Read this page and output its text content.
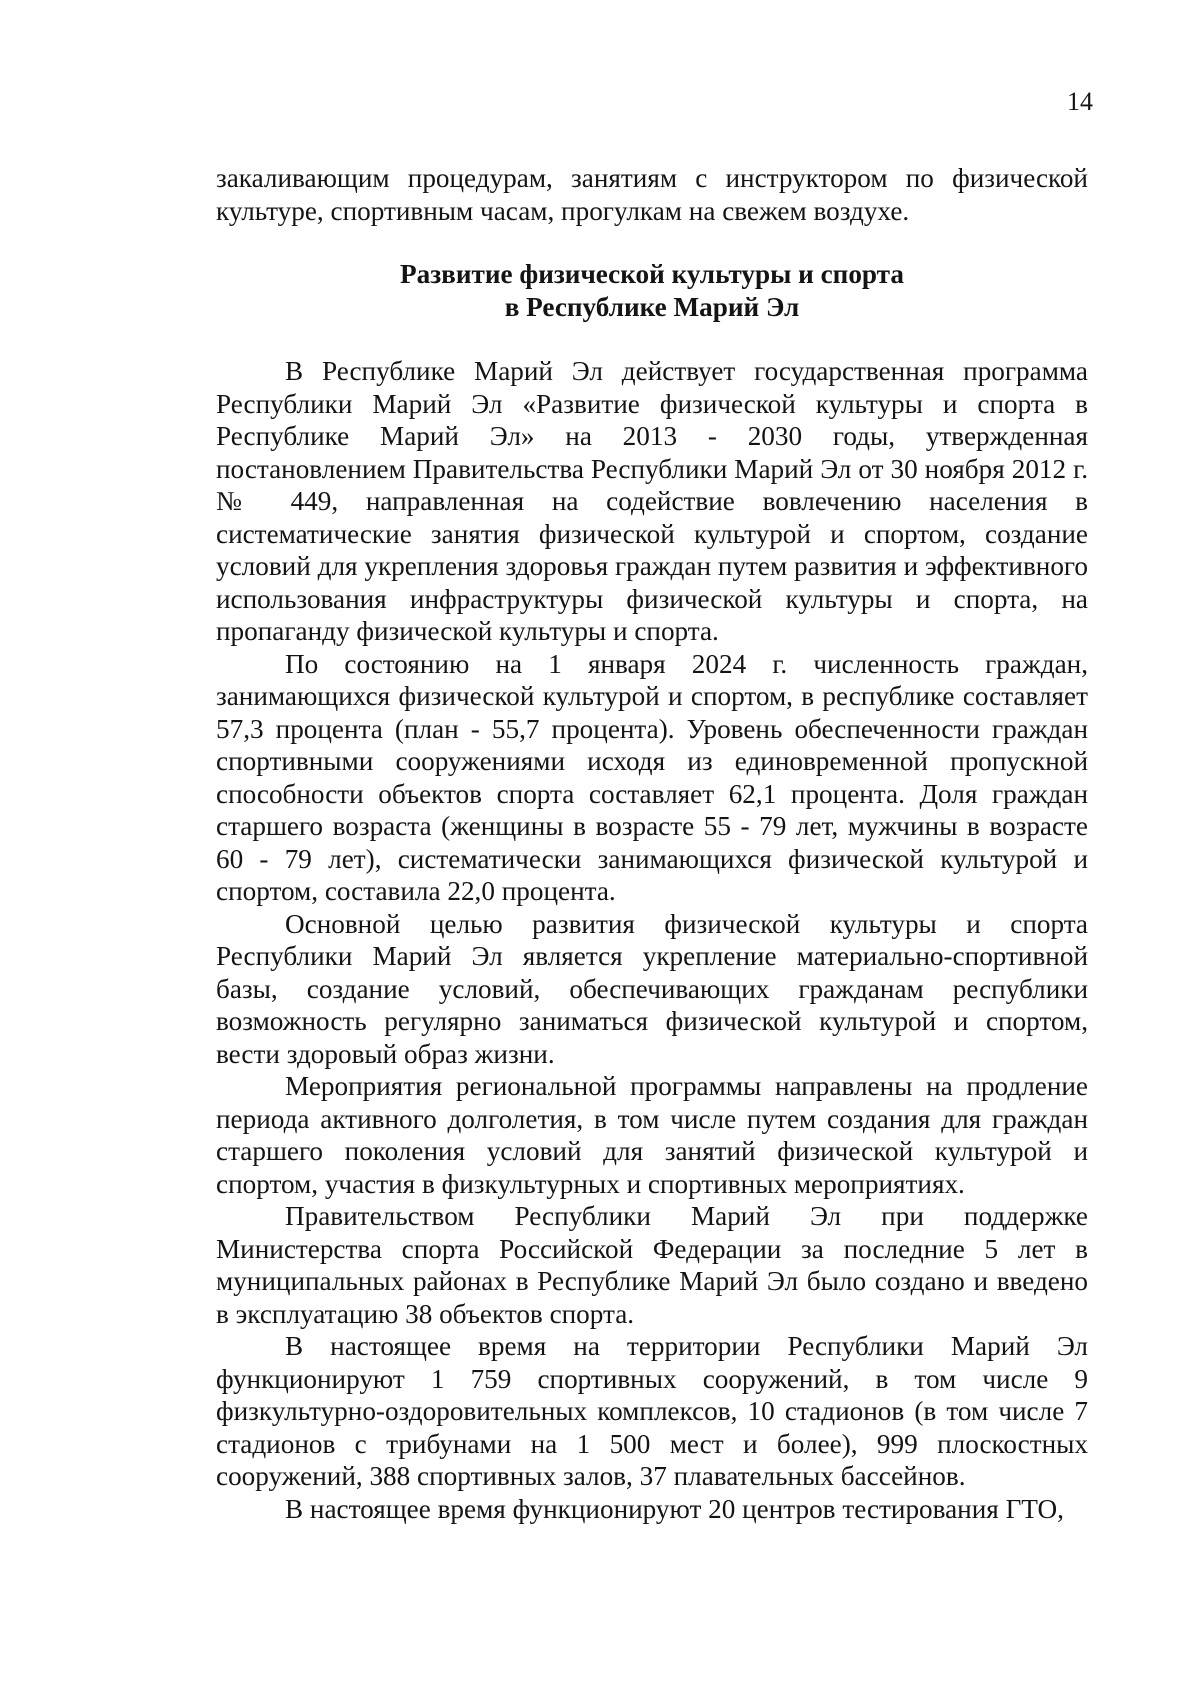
14

закаливающим процедурам, занятиям с инструктором по физической культуре, спортивным часам, прогулкам на свежем воздухе.

Развитие физической культуры и спорта
в Республике Марий Эл

В Республике Марий Эл действует государственная программа Республики Марий Эл «Развитие физической культуры и спорта в Республике Марий Эл» на 2013 - 2030 годы, утвержденная постановлением Правительства Республики Марий Эл от 30 ноября 2012 г. № 449, направленная на содействие вовлечению населения в систематические занятия физической культурой и спортом, создание условий для укрепления здоровья граждан путем развития и эффективного использования инфраструктуры физической культуры и спорта, на пропаганду физической культуры и спорта.

По состоянию на 1 января 2024 г. численность граждан, занимающихся физической культурой и спортом, в республике составляет 57,3 процента (план - 55,7 процента). Уровень обеспеченности граждан спортивными сооружениями исходя из единовременной пропускной способности объектов спорта составляет 62,1 процента. Доля граждан старшего возраста (женщины в возрасте 55 - 79 лет, мужчины в возрасте 60 - 79 лет), систематически занимающихся физической культурой и спортом, составила 22,0 процента.

Основной целью развития физической культуры и спорта Республики Марий Эл является укрепление материально-спортивной базы, создание условий, обеспечивающих гражданам республики возможность регулярно заниматься физической культурой и спортом, вести здоровый образ жизни.

Мероприятия региональной программы направлены на продление периода активного долголетия, в том числе путем создания для граждан старшего поколения условий для занятий физической культурой и спортом, участия в физкультурных и спортивных мероприятиях.

Правительством Республики Марий Эл при поддержке Министерства спорта Российской Федерации за последние 5 лет в муниципальных районах в Республике Марий Эл было создано и введено в эксплуатацию 38 объектов спорта.

В настоящее время на территории Республики Марий Эл функционируют 1 759 спортивных сооружений, в том числе 9 физкультурно-оздоровительных комплексов, 10 стадионов (в том числе 7 стадионов с трибунами на 1 500 мест и более), 999 плоскостных сооружений, 388 спортивных залов, 37 плавательных бассейнов.

В настоящее время функционируют 20 центров тестирования ГТО,
